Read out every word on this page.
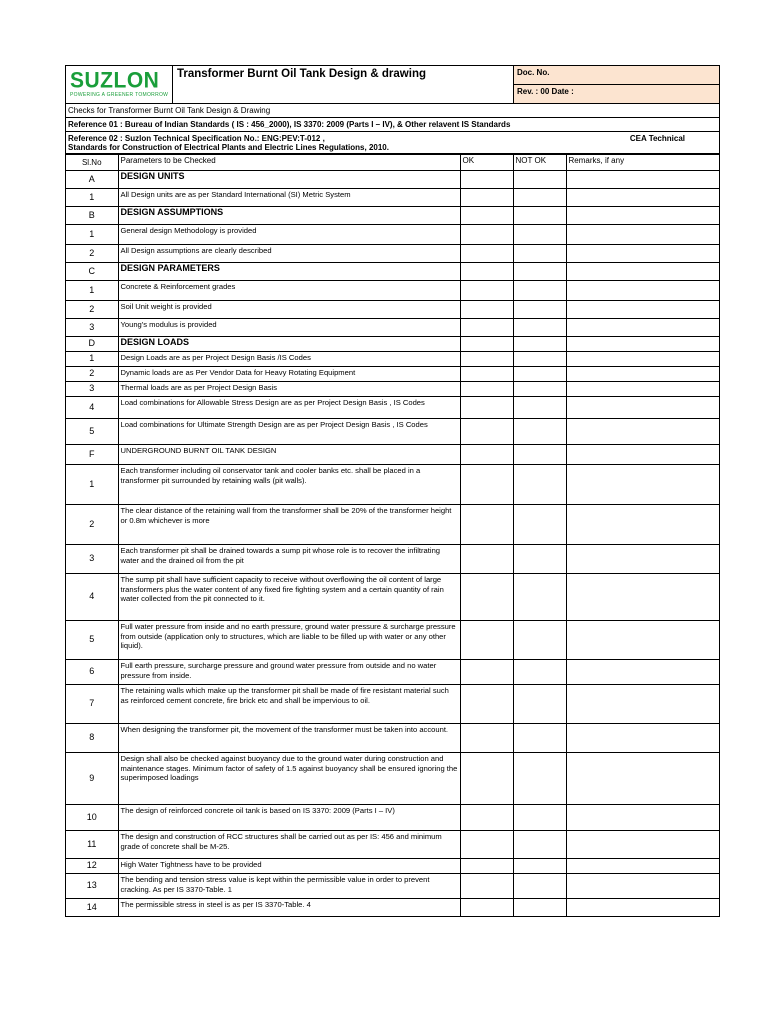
SUZLON
POWERING A GREENER TOMORROW
Transformer Burnt Oil Tank Design & drawing	Doc. No.
Rev. : 00 Date :
Checks for Transformer Burnt Oil Tank Design & Drawing
Reference 01 : Bureau of Indian Standards ( IS : 456_2000), IS 3370: 2009 (Parts I – IV), & Other relavent IS Standards
Reference 02 : Suzlon Technical Specification No.: ENG:PEV:T-012 ,	CEA Technical
Standards for Construction of Electrical Plants and Electric Lines Regulations, 2010.
Sl.No	Parameters to be Checked	OK	NOT OK	Remarks, if any
A	DESIGN UNITS			
1	All Design units are as per Standard International (SI) Metric System			
B	DESIGN ASSUMPTIONS			
1	General design Methodology is provided			
2	All Design assumptions are clearly described			
C	DESIGN PARAMETERS			
1	Concrete & Reinforcement grades			
2	Soil Unit weight is provided			
3	Young's modulus is provided			
D	DESIGN LOADS			
1	Design Loads are as per Project Design Basis /IS Codes			
2	Dynamic loads are as Per Vendor Data for Heavy Rotating Equipment			
3	Thermal loads are as per Project Design Basis			
4	Load combinations for Allowable Stress Design are as per Project Design Basis , IS Codes			
5	Load combinations for Ultimate Strength Design are as per Project Design Basis , IS Codes			
F	UNDERGROUND BURNT OIL TANK DESIGN			
1	Each transformer including oil conservator tank and cooler banks etc. shall be placed in a transformer pit surrounded by retaining walls (pit walls).			
2	The clear distance of the retaining wall from the transformer shall be 20% of the transformer height or 0.8m whichever is more			
3	Each transformer pit shall be drained towards a sump pit whose role is to recover the infiltrating water and the drained oil from the pit			
4	The sump pit shall have sufficient capacity to receive without overflowing the oil content of large transformers plus the water content of any fixed fire fighting system and a certain quantity of rain water collected from the pit connected to it.			
5	Full water pressure from inside and no earth pressure, ground water pressure & surcharge pressure from outside (application only to structures, which are liable to be filled up with water or any other liquid).			
6	Full earth pressure, surcharge pressure and ground water pressure from outside and no water pressure from inside.			
7	The retaining walls which make up the transformer pit shall be made of fire resistant material such as reinforced cement concrete, fire brick etc and shall be impervious to oil.			
8	When designing the transformer pit, the movement of the transformer must be taken into account.			
9	Design shall also be checked against buoyancy due to the ground water during construction and maintenance stages. Minimum factor of safety of 1.5 against buoyancy shall be ensured ignoring the superimposed loadings			
10	The design of reinforced concrete oil tank is based on IS 3370: 2009 (Parts I – IV)			
11	The design and construction of RCC structures shall be carried out as per IS: 456 and minimum grade of concrete shall be M-25.			
12	High Water Tightness have to be provided			
13	The bending and tension stress value is kept within the permissible value in order to prevent cracking. As per IS 3370-Table. 1			
14	The permissible stress in steel is as per IS 3370-Table. 4			
